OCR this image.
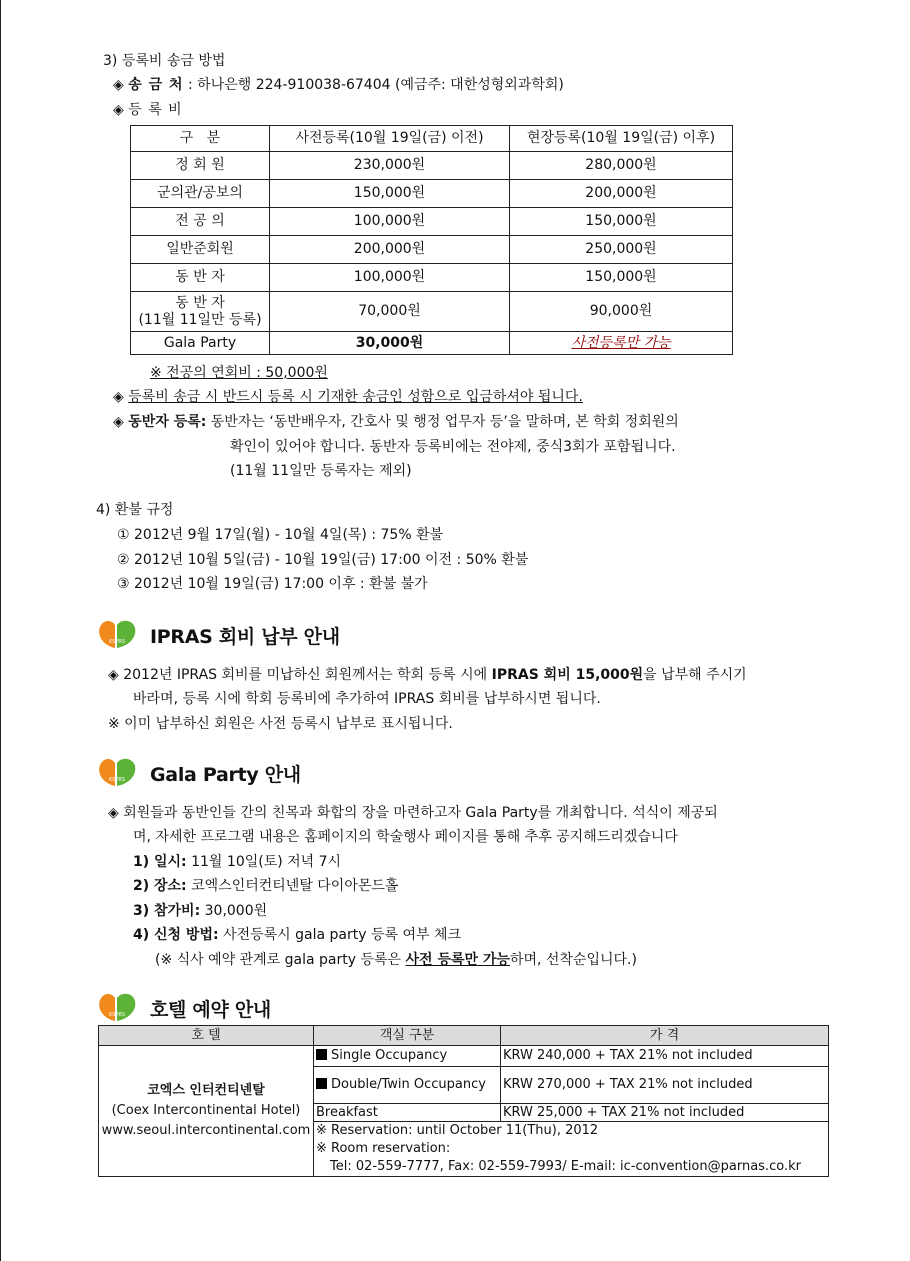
3) 등록비 송금 방법
◈ 송 금 처 : 하나은행 224-910038-67404 (예금주: 대한성형외과학회)
◈ 등 록 비
구   분	사전등록(10월 19일(금) 이전)	현장등록(10월 19일(금) 이후)
정 회 원	230,000원	280,000원
군의관/공보의	150,000원	200,000원
전 공 의	100,000원	150,000원
일반준회원	200,000원	250,000원
동 반 자	100,000원	150,000원

동 반 자
(11월 11일만 등록)	70,000원	90,000원
Gala Party	30,000원	사전등록만 가능
※ 전공의 연회비 : 50,000원
◈ 등록비 송금 시 반드시 등록 시 기재한 송금인 성함으로 입금하셔야 됩니다.
◈ 동반자 등록: 동반자는 ‘동반배우자, 간호사 및 행정 업무자 등’을 말하며, 본 학회 정회원의
확인이 있어야 합니다. 동반자 등록비에는 전야제, 중식3회가 포함됩니다.
(11월 11일만 등록자는 제외)
4) 환불 규정
① 2012년 9월 17일(월) - 10월 4일(목) : 75% 환불
② 2012년 10월 5일(금) - 10월 19일(금) 17:00 이전 : 50% 환불
③ 2012년 10월 19일(금) 17:00 이후 : 환불 불가
KSPRS IPRAS 회비 납부 안내
◈ 2012년 IPRAS 회비를 미납하신 회원께서는 학회 등록 시에 IPRAS 회비 15,000원을 납부해 주시기
바라며, 등록 시에 학회 등록비에 추가하여 IPRAS 회비를 납부하시면 됩니다.
※ 이미 납부하신 회원은 사전 등록시 납부로 표시됩니다.
KSPRS Gala Party 안내
◈ 회원들과 동반인들 간의 친목과 화합의 장을 마련하고자 Gala Party를 개최합니다. 석식이 제공되
며, 자세한 프로그램 내용은 홈페이지의 학술행사 페이지를 통해 추후 공지해드리겠습니다
1) 일시: 11월 10일(토) 저녁 7시
2) 장소: 코엑스인터컨티넨탈 다이아몬드홀
3) 참가비: 30,000원
4) 신청 방법: 사전등록시 gala party 등록 여부 체크
(※ 식사 예약 관계로 gala party 등록은 사전 등록만 가능하며, 선착순입니다.)
KSPRS 호텔 예약 안내
호 텔	객실 구분	가 격

코엑스 인터컨티넨탈
(Coex Intercontinental Hotel)
www.seoul.intercontinental.com	Single Occupancy	KRW 240,000 + TAX 21% not included
	Double/Twin Occupancy	KRW 270,000 + TAX 21% not included
	Breakfast	KRW 25,000 + TAX 21% not included

	※ Reservation: until October 11(Thu), 2012
※ Room reservation:
Tel: 02-559-7777, Fax: 02-559-7993/ E-mail: ic-convention@parnas.co.kr	
